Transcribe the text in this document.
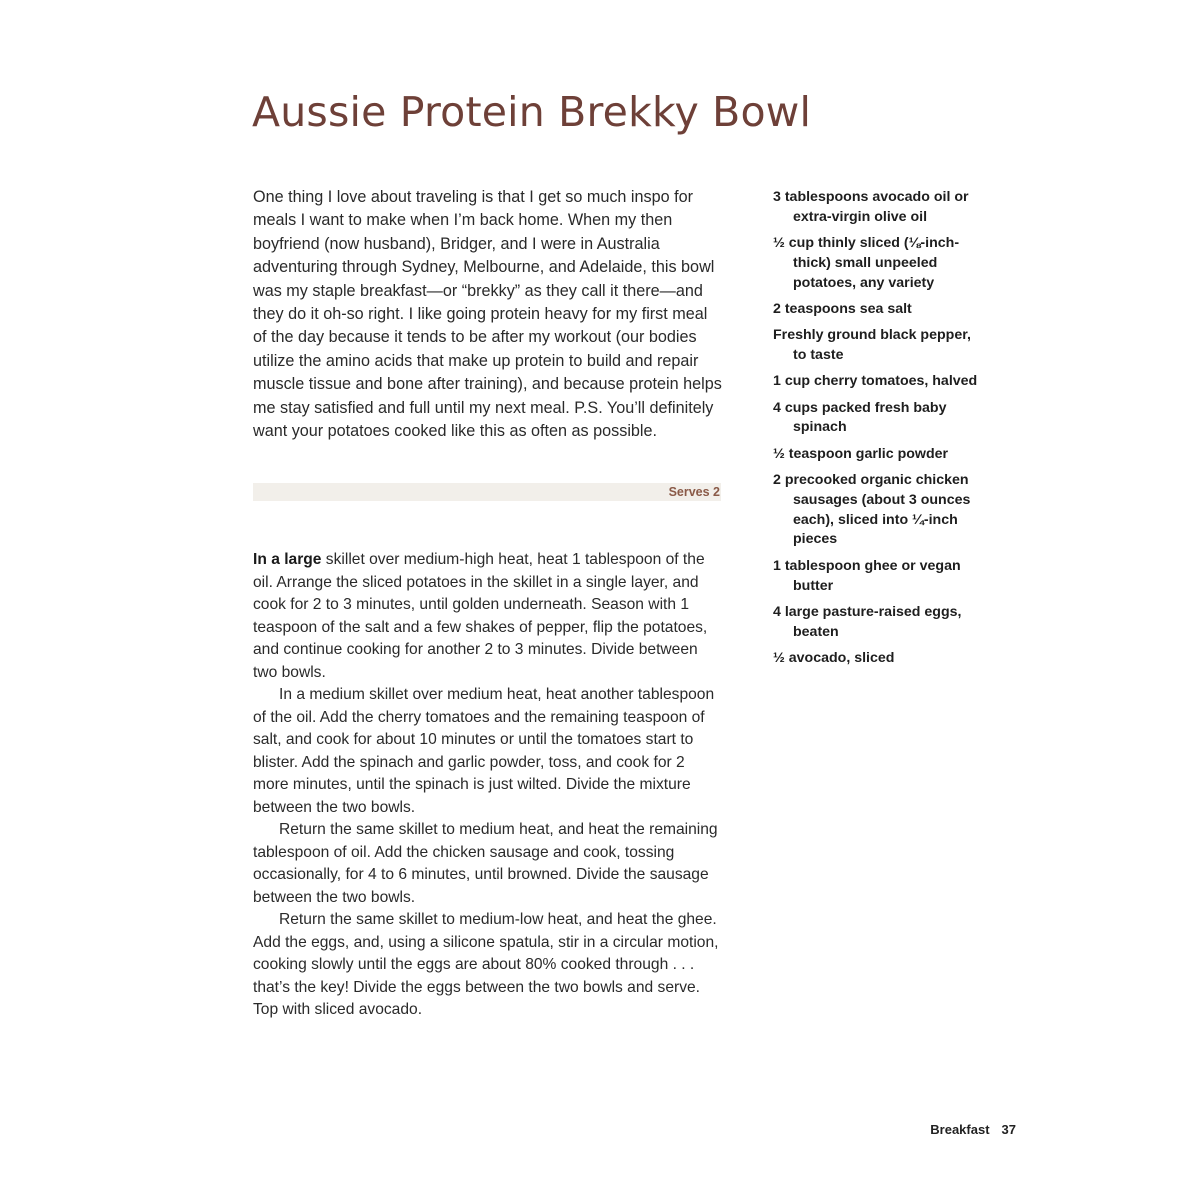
Aussie Protein Brekky Bowl

One thing I love about traveling is that I get so much inspo for meals I want to make when I’m back home. When my then boyfriend (now husband), Bridger, and I were in Australia adventuring through Sydney, Melbourne, and Adelaide, this bowl was my staple breakfast—or “brekky” as they call it there—and they do it oh-so right. I like going protein heavy for my first meal of the day because it tends to be after my workout (our bodies utilize the amino acids that make up protein to build and repair muscle tissue and bone after training), and because protein helps me stay satisfied and full until my next meal. P.S. You’ll definitely want your potatoes cooked like this as often as possible.

Serves 2

In a large skillet over medium-high heat, heat 1 tablespoon of the oil. Arrange the sliced potatoes in the skillet in a single layer, and cook for 2 to 3 minutes, until golden underneath. Season with 1 teaspoon of the salt and a few shakes of pepper, flip the potatoes, and continue cooking for another 2 to 3 minutes. Divide between two bowls.

In a medium skillet over medium heat, heat another tablespoon of the oil. Add the cherry tomatoes and the remaining teaspoon of salt, and cook for about 10 minutes or until the tomatoes start to blister. Add the spinach and garlic powder, toss, and cook for 2 more minutes, until the spinach is just wilted. Divide the mixture between the two bowls.

Return the same skillet to medium heat, and heat the remaining tablespoon of oil. Add the chicken sausage and cook, tossing occasionally, for 4 to 6 minutes, until browned. Divide the sausage between the two bowls.

Return the same skillet to medium-low heat, and heat the ghee. Add the eggs, and, using a silicone spatula, stir in a circular motion, cooking slowly until the eggs are about 80% cooked through . . . that’s the key! Divide the eggs between the two bowls and serve. Top with sliced avocado.

3 tablespoons avocado oil or extra-virgin olive oil
½ cup thinly sliced (⅛-inch-thick) small unpeeled potatoes, any variety
2 teaspoons sea salt
Freshly ground black pepper, to taste
1 cup cherry tomatoes, halved
4 cups packed fresh baby spinach
½ teaspoon garlic powder
2 precooked organic chicken sausages (about 3 ounces each), sliced into ¼-inch pieces
1 tablespoon ghee or vegan butter
4 large pasture-raised eggs, beaten
½ avocado, sliced
Breakfast 37
